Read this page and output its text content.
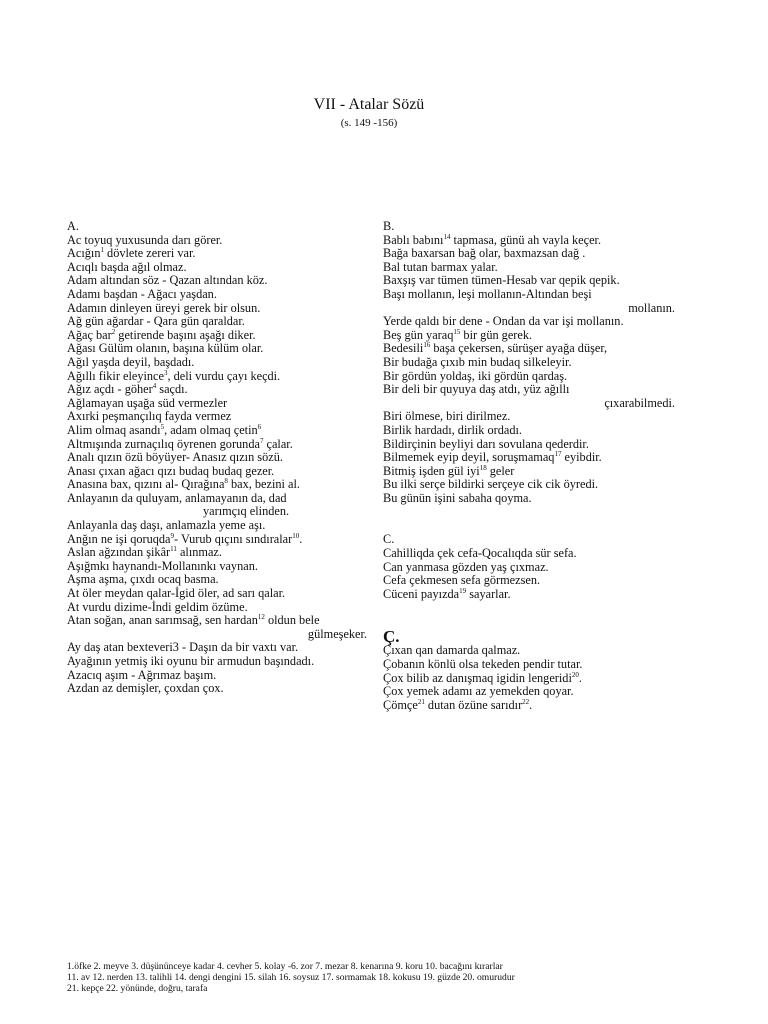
VII - Atalar Sözü
(s. 149 -156)
A.
Ac toyuq yuxusunda darı görer.
Acığın$^1$ dövlete zereri var.
Acıqlı başda ağıl olmaz.
Adam altından söz - Qazan altından köz.
Adamı başdan - Ağacı yaşdan.
Adamın dinleyen üreyi gerek bir olsun.
Ağ gün ağardar - Qara gün qaraldar.
Ağaç bar$^2$ getirende başını aşağı diker.
Ağası Gülüm olanın, başına külüm olar.
Ağıl yaşda deyil, başdadı.
Ağıllı fikir eleyince$^3$, deli vurdu çayı keçdi.
Ağız açdı - göher$^4$ saçdı.
Ağlamayan uşağa süd vermezler
Axırki peşmançılıq fayda vermez
Alim olmaq asandı$^5$, adam olmaq çetin$^6$
Altmışında zurnaçılıq öyrenen gorunda$^7$ çalar.
Analı qızın özü böyüyer- Anasız qızın sözü.
Anası çıxan ağacı qızı budaq budaq gezer.
Anasına bax, qızını al- Qırağına$^8$ bax, bezini al.
Anlayanın da quluyam, anlamayanın da, dad
yarımçıq elinden.
Anlayanla daş daşı, anlamazla yeme aşı.
Anğın ne işi qoruqda$^9$- Vurub qıçını sındıralar$^{10}$.
Aslan ağzından şikâr$^{11}$ alınmaz.
Aşığmkı haynandı-Mollanınkı vaynan.
Aşma aşma, çıxdı ocaq basma.
At öler meydan qalar-İgid öler, ad sarı qalar.
At vurdu dizime-İndi geldim özüme.
Atan soğan, anan sarımsağ, sen hardan$^{12}$ oldun bele
gülmeşeker.
Ay daş atan bexteveri3 - Daşın da bir vaxtı var.
Ayağının yetmiş iki oyunu bir armudun başındadı.
Azacıq aşım - Ağrımaz başım.
Azdan az demişler, çoxdan çox.
B.
Bablı babını$^{14}$ tapmasa, günü ah vayla keçer.
Bağa baxarsan bağ olar, baxmazsan dağ .
Bal tutan barmax yalar.
Baxşış var tümen tümen-Hesab var qepik qepik.
Başı mollanın, leşi mollanın-Altından beşi
mollanın.
Yerde qaldı bir dene - Ondan da var işi mollanın.
Beş gün yaraq$^{15}$ bir gün gerek.
Bedesili$^{16}$ başa çekersen, sürüşer ayağa düşer,
Bir budağa çıxıb min budaq silkeleyir.
Bir gördün yoldaş, iki gördün qardaş.
Bir deli bir quyuya daş atdı, yüz ağıllı
çıxarabilmedi.
Biri ölmese, biri dirilmez.
Birlik hardadı, dirlik ordadı.
Bildirçinin beyliyi darı sovulana qederdir.
Bilmemek eyip deyil, soruşmamaq$^{17}$ eyibdir.
Bitmiş işden gül iyi$^{18}$ geler
Bu ilki serçe bildirki serçeye cik cik öyredi.
Bu günün işini sabaha qoyma.
C.
Cahilliqda çek cefa-Qocalıqda sür sefa.
Can yanmasa gözden yaş çıxmaz.
Cefa çekmesen sefa görmezsen.
Cüceni payızda$^{19}$ sayarlar.
Ç.
Çıxan qan damarda qalmaz.
Çobanın könlü olsa tekeden pendir tutar.
Çox bilib az danışmaq igidin lengeridi$^{20}$.
Çox yemek adamı az yemekden qoyar.
Çömçe$^{21}$ dutan özüne sarıdır$^{22}$.
1.öfke 2. meyve 3. düşününceye kadar 4. cevher 5. kolay -6. zor 7. mezar 8. kenarına 9. koru 10. bacağını kırarlar
11. av 12. nerden 13. talihli 14. dengi dengini 15. silah 16. soysuz 17. sormamak 18. kokusu 19. güzde 20. omurudur
21. kepçe 22. yönünde, doğru, tarafa
